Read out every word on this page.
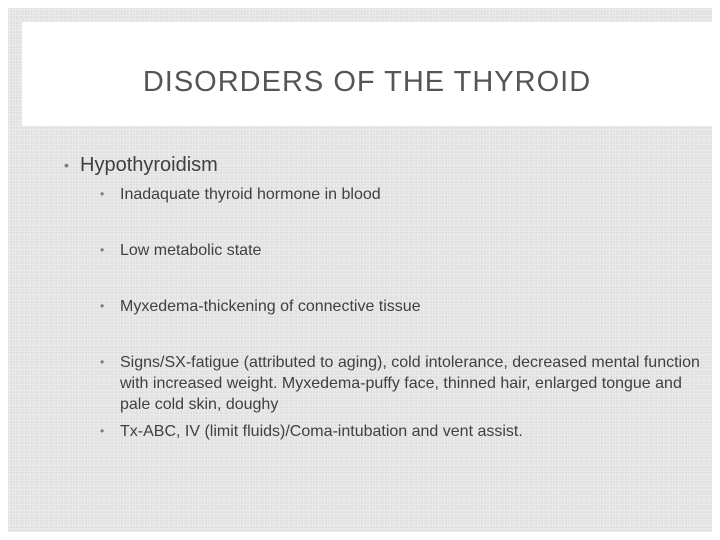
DISORDERS OF THE THYROID
• Hypothyroidism
• Inadaquate thyroid hormone in blood
• Low metabolic state
• Myxedema-thickening of connective tissue
• Signs/SX-fatigue (attributed to aging), cold intolerance, decreased mental function with increased weight. Myxedema-puffy face, thinned hair, enlarged tongue and pale cold skin, doughy
• Tx-ABC, IV (limit fluids)/Coma-intubation and vent assist.
